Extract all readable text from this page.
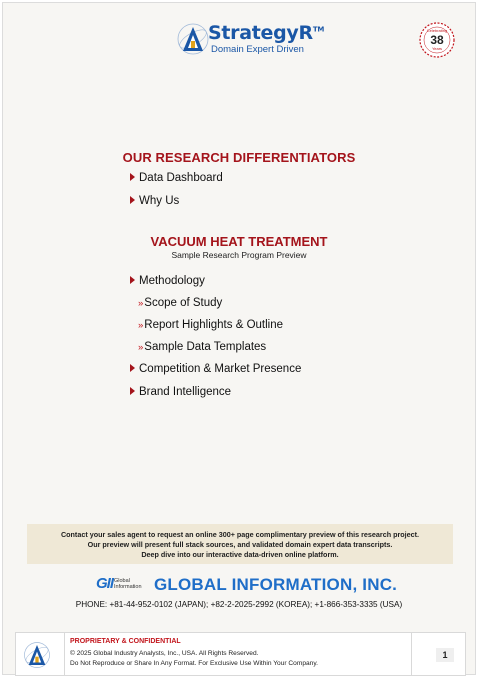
StrategyR™
Domain Expert Driven
Celebrating
38
Years
OUR RESEARCH DIFFERENTIATORS
Data Dashboard
Why Us
VACUUM HEAT TREATMENT
Sample Research Program Preview
Methodology
»Scope of Study
»Report Highlights & Outline
»Sample Data Templates
Competition & Market Presence
Brand Intelligence
Contact your sales agent to request an online 300+ page complimentary preview of this research project.
Our preview will present full stack sources, and validated domain expert data transcripts.
Deep dive into our interactive data-driven online platform.
GII Global Information GLOBAL INFORMATION, INC.
PHONE: +81-44-952-0102 (JAPAN); +82-2-2025-2992 (KOREA); +1-866-353-3335 (USA)
PROPRIETARY & CONFIDENTIAL
© 2025 Global Industry Analysts, Inc., USA. All Rights Reserved.
Do Not Reproduce or Share In Any Format. For Exclusive Use Within Your Company.
1
